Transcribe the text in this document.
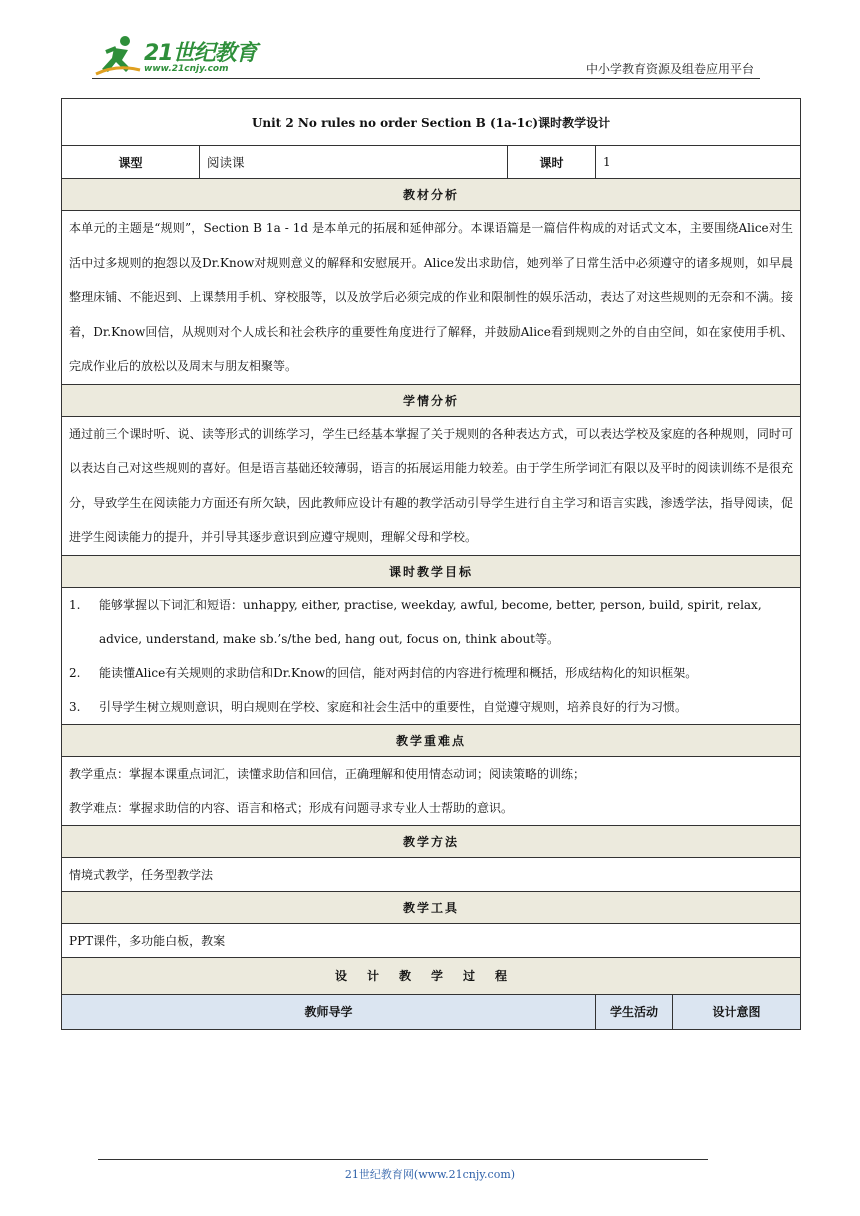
21世纪教育
www.21cnjy.com	中小学教育资源及组卷应用平台
Unit 2 No rules no order Section B (1a-1c)课时教学设计				
课型	阅读课	课时	1	
教材分析				
本单元的主题是“规则”，Section B 1a - 1d 是本单元的拓展和延伸部分。本课语篇是一篇信件构成的对话式文本，主要围绕Alice对生活中过多规则的抱怨以及Dr.Know对规则意义的解释和安慰展开。Alice发出求助信，她列举了日常生活中必须遵守的诸多规则，如早晨整理床铺、不能迟到、上课禁用手机、穿校服等，以及放学后必须完成的作业和限制性的娱乐活动，表达了对这些规则的无奈和不满。接着，Dr.Know回信，从规则对个人成长和社会秩序的重要性角度进行了解释，并鼓励Alice看到规则之外的自由空间，如在家使用手机、完成作业后的放松以及周末与朋友相聚等。				
学情分析				
通过前三个课时听、说、读等形式的训练学习，学生已经基本掌握了关于规则的各种表达方式，可以表达学校及家庭的各种规则，同时可以表达自己对这些规则的喜好。但是语言基础还较薄弱，语言的拓展运用能力较差。由于学生所学词汇有限以及平时的阅读训练不是很充分，导致学生在阅读能力方面还有所欠缺，因此教师应设计有趣的教学活动引导学生进行自主学习和语言实践，渗透学法，指导阅读，促进学生阅读能力的提升，并引导其逐步意识到应遵守规则，理解父母和学校。				
课时教学目标				

1. 能够掌握以下词汇和短语：unhappy, either, practise, weekday, awful, become, better, person, build, spirit, relax,
advice, understand, make sb.’s/the bed, hang out, focus on, think about等。
2. 能读懂Alice有关规则的求助信和Dr.Know的回信，能对两封信的内容进行梳理和概括，形成结构化的知识框架。
3. 引导学生树立规则意识，明白规则在学校、家庭和社会生活中的重要性，自觉遵守规则，培养良好的行为习惯。				

教学重难点				

教学重点：掌握本课重点词汇，读懂求助信和回信，正确理解和使用情态动词；阅读策略的训练；
教学难点：掌握求助信的内容、语言和格式；形成有问题寻求专业人士帮助的意识。				

教学方法				
情境式教学，任务型教学法				
教学工具				
PPT课件，多功能白板，教案				
设计教学过程				
教师导学			学生活动	设计意图
21世纪教育网(www.21cnjy.com)
